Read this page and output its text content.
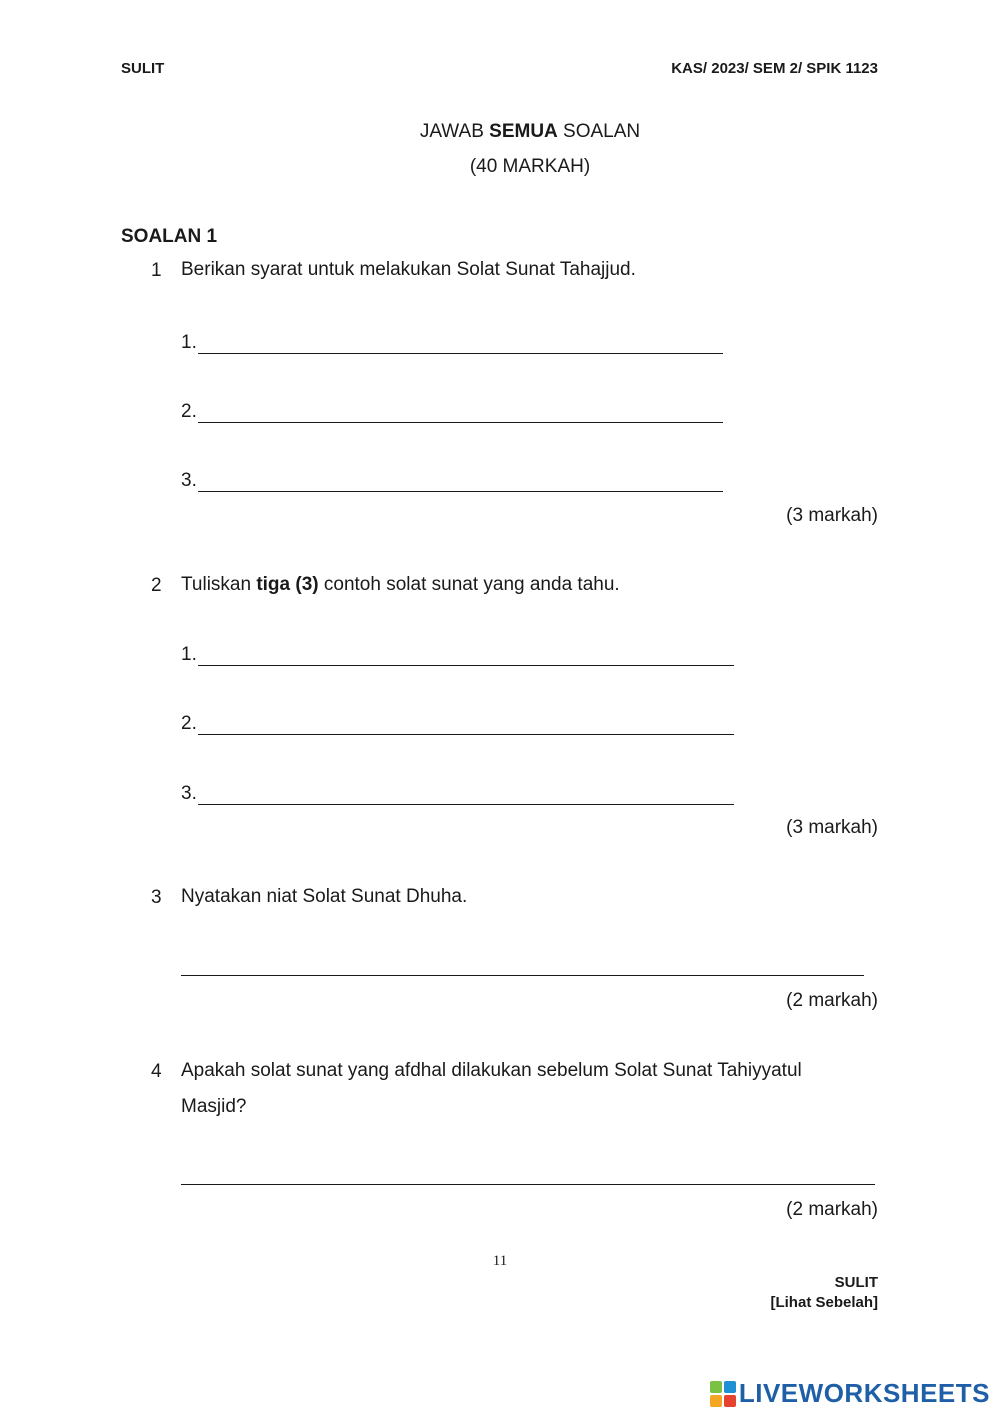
SULIT	KAS/ 2023/ SEM 2/ SPIK 1123
JAWAB SEMUA SOALAN
(40 MARKAH)
SOALAN 1
1 Berikan syarat untuk melakukan Solat Sunat Tahajjud.
1.
2.
3.
(3 markah)
2 Tuliskan tiga (3) contoh solat sunat yang anda tahu.
1.
2.
3.
(3 markah)
3 Nyatakan niat Solat Sunat Dhuha.
(2 markah)
4 Apakah solat sunat yang afdhal dilakukan sebelum Solat Sunat Tahiyyatul
Masjid?
(2 markah)
11
SULIT
[Lihat Sebelah]
LIVEWORKSHEETS
